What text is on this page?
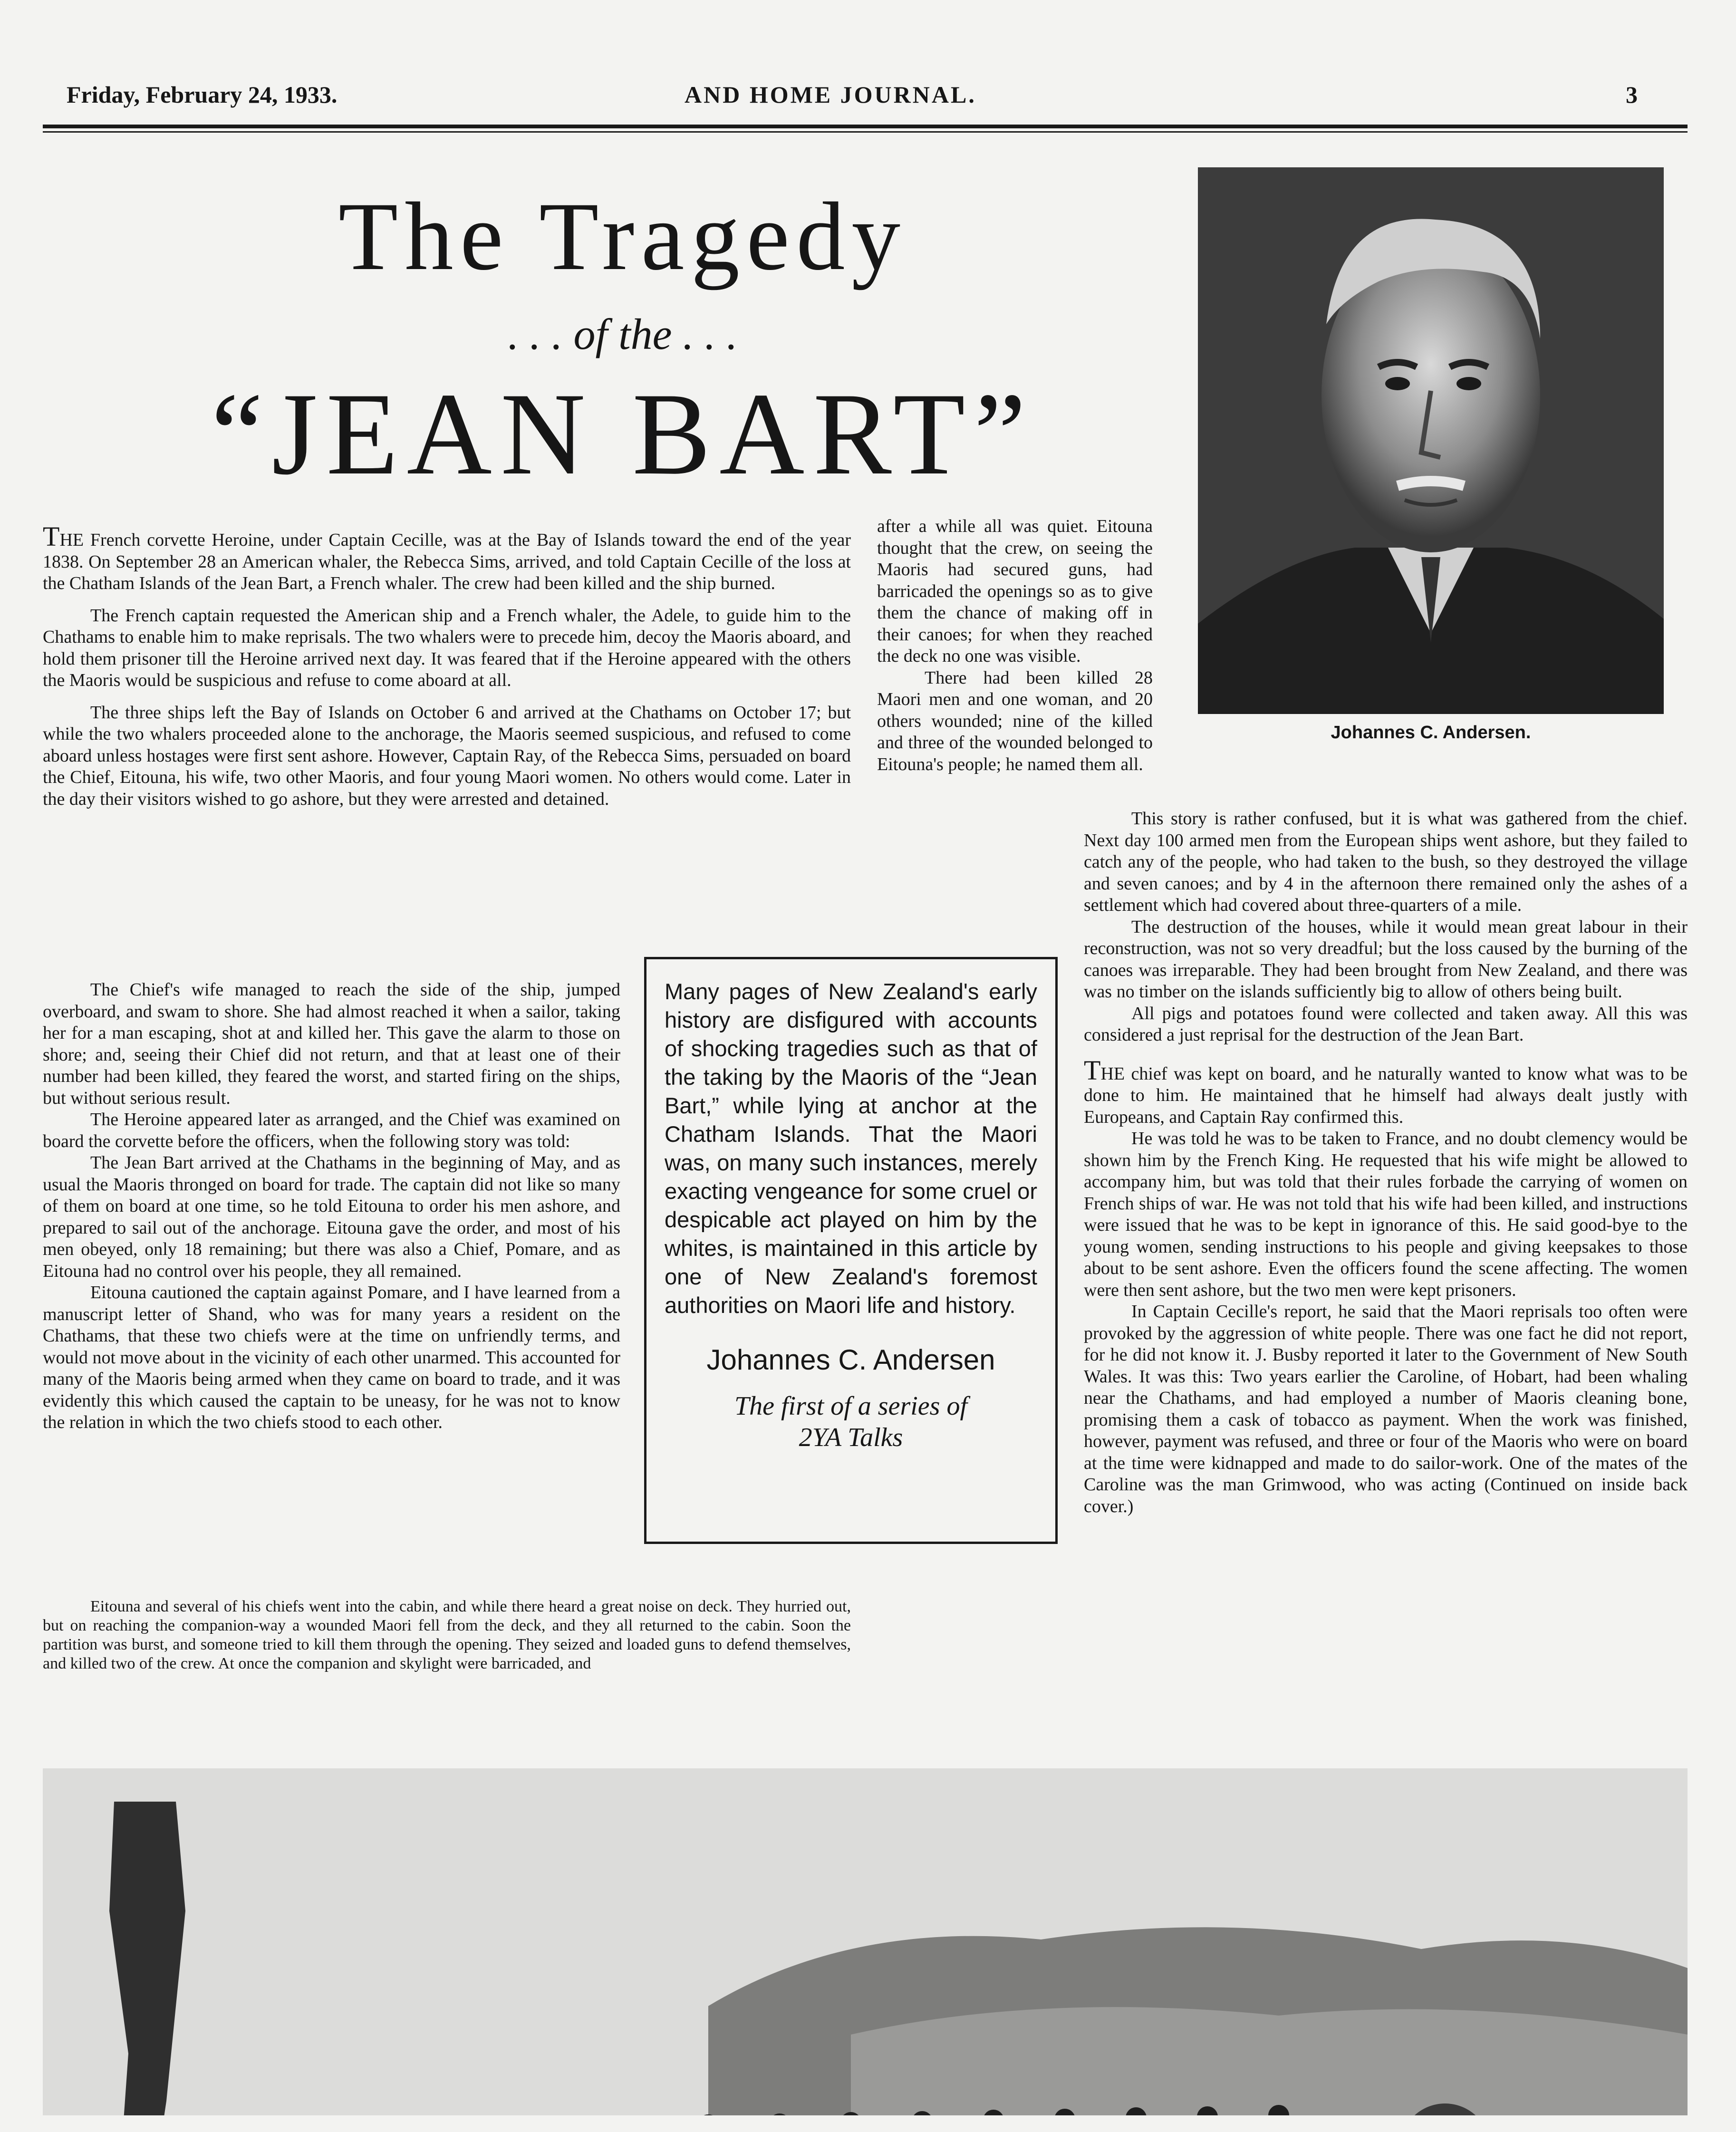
Friday, February 24, 1933.	AND HOME JOURNAL.	3
The Tragedy
. . . of the . . .
“JEAN BART”
Johannes C. Andersen.

THE French corvette Heroine, under Captain Cecille, was at the Bay of Islands toward the end of the year 1838. On September 28 an American whaler, the Rebecca Sims, arrived, and told Captain Cecille of the loss at the Chatham Islands of the Jean Bart, a French whaler. The crew had been killed and the ship burned.

The French captain requested the American ship and a French whaler, the Adele, to guide him to the Chathams to enable him to make reprisals. The two whalers were to precede him, decoy the Maoris aboard, and hold them prisoner till the Heroine arrived next day. It was feared that if the Heroine appeared with the others the Maoris would be suspicious and refuse to come aboard at all.

The three ships left the Bay of Islands on October 6 and arrived at the Chathams on October 17; but while the two whalers proceeded alone to the anchorage, the Maoris seemed suspicious, and refused to come aboard unless hostages were first sent ashore. However, Captain Ray, of the Rebecca Sims, persuaded on board the Chief, Eitouna, his wife, two other Maoris, and four young Maori women. No others would come. Later in the day their visitors wished to go ashore, but they were arrested and detained.

The Chief's wife managed to reach the side of the ship, jumped overboard, and swam to shore. She had almost reached it when a sailor, taking her for a man escaping, shot at and killed her. This gave the alarm to those on shore; and, seeing their Chief did not return, and that at least one of their number had been killed, they feared the worst, and started firing on the ships, but without serious result.

The Heroine appeared later as arranged, and the Chief was examined on board the corvette before the officers, when the following story was told:

The Jean Bart arrived at the Chathams in the beginning of May, and as usual the Maoris thronged on board for trade. The captain did not like so many of them on board at one time, so he told Eitouna to order his men ashore, and prepared to sail out of the anchorage. Eitouna gave the order, and most of his men obeyed, only 18 remaining; but there was also a Chief, Pomare, and as Eitouna had no control over his people, they all remained.

Eitouna cautioned the captain against Pomare, and I have learned from a manuscript letter of Shand, who was for many years a resident on the Chathams, that these two chiefs were at the time on unfriendly terms, and would not move about in the vicinity of each other unarmed. This accounted for many of the Maoris being armed when they came on board to trade, and it was evidently this which caused the captain to be uneasy, for he was not to know the relation in which the two chiefs stood to each other.

Eitouna and several of his chiefs went into the cabin, and while there heard a great noise on deck. They hurried out, but on reaching the companion-way a wounded Maori fell from the deck, and they all returned to the cabin. Soon the partition was burst, and someone tried to kill them through the opening. They seized and loaded guns to defend themselves, and killed two of the crew. At once the companion and skylight were barricaded, and

after a while all was quiet. Eitouna thought that the crew, on seeing the Maoris had secured guns, had barricaded the openings so as to give them the chance of making off in their canoes; for when they reached the deck no one was visible.

There had been killed 28 Maori men and one woman, and 20 others wounded; nine of the killed and three of the wounded belonged to Eitouna's people; he named them all.

This story is rather confused, but it is what was gathered from the chief. Next day 100 armed men from the European ships went ashore, but they failed to catch any of the people, who had taken to the bush, so they destroyed the village and seven canoes; and by 4 in the afternoon there remained only the ashes of a settlement which had covered about three-quarters of a mile.

The destruction of the houses, while it would mean great labour in their reconstruction, was not so very dreadful; but the loss caused by the burning of the canoes was irreparable. They had been brought from New Zealand, and there was was no timber on the islands sufficiently big to allow of others being built.

All pigs and potatoes found were collected and taken away. All this was considered a just reprisal for the destruction of the Jean Bart.

THE chief was kept on board, and he naturally wanted to know what was to be done to him. He maintained that he himself had always dealt justly with Europeans, and Captain Ray confirmed this.

He was told he was to be taken to France, and no doubt clemency would be shown him by the French King. He requested that his wife might be allowed to accompany him, but was told that their rules forbade the carrying of women on French ships of war. He was not told that his wife had been killed, and instructions were issued that he was to be kept in ignorance of this. He said good-bye to the young women, sending instructions to his people and giving keepsakes to those about to be sent ashore. Even the officers found the scene affecting. The women were then sent ashore, but the two men were kept prisoners.

In Captain Cecille's report, he said that the Maori reprisals too often were provoked by the aggression of white people. There was one fact he did not report, for he did not know it. J. Busby reported it later to the Government of New South Wales. It was this: Two years earlier the Caroline, of Hobart, had been whaling near the Chathams, and had employed a number of Maoris cleaning bone, promising them a cask of tobacco as payment. When the work was finished, however, payment was refused, and three or four of the Maoris who were on board at the time were kidnapped and made to do sailor-work. One of the mates of the Caroline was the man Grimwood, who was acting (Continued on inside back cover.)

Many pages of New Zealand's early history are disfigured with accounts of shocking tragedies such as that of the taking by the Maoris of the “Jean Bart,” while lying at anchor at the Chatham Islands. That the Maori was, on many such instances, merely exacting vengeance for some cruel or despicable act played on him by the whites, is maintained in this article by one of New Zealand's foremost authorities on Maori life and history.
Johannes C. Andersen
The first of a series of
2YA Talks
